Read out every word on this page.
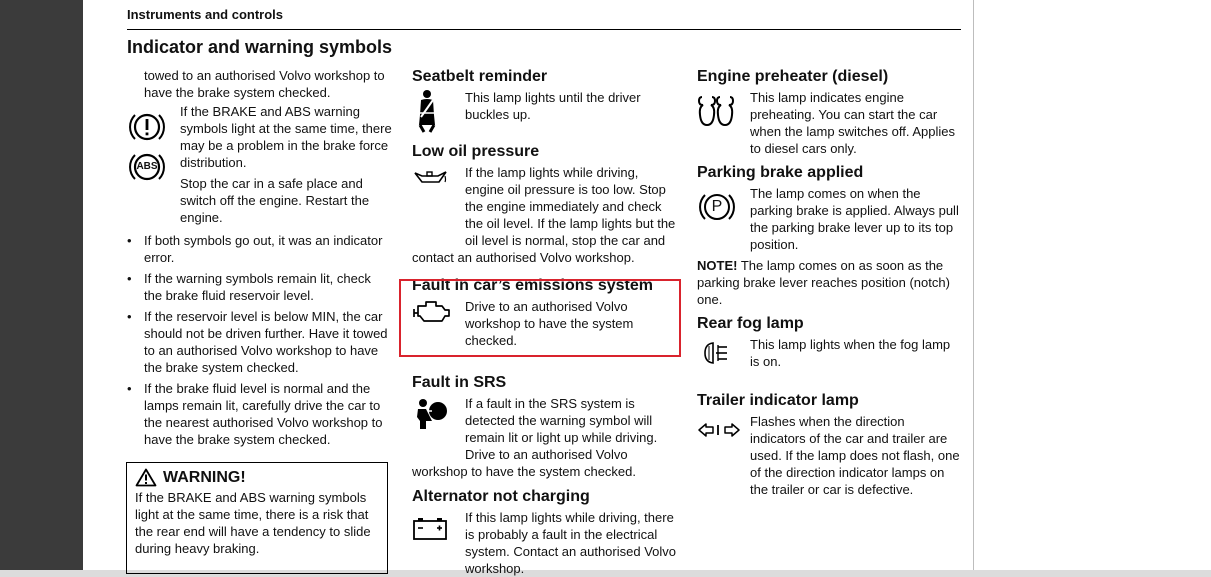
Instruments and controls
Indicator and warning symbols

towed to an authorised Volvo workshop to have the brake system checked.

ABS

If the BRAKE and ABS warning symbols light at the same time, there may be a problem in the brake force distribution.

Stop the car in a safe place and switch off the engine. Restart the engine.

• If both symbols go out, it was an indicator error.
• If the warning symbols remain lit, check the brake fluid reservoir level.
• If the reservoir level is below MIN, the car should not be driven further. Have it towed to an authorised Volvo workshop to have the brake system checked.
• If the brake fluid level is normal and the lamps remain lit, carefully drive the car to the nearest authorised Volvo workshop to have the brake system checked.
WARNING!

If the BRAKE and ABS warning symbols light at the same time, there is a risk that the rear end will have a tendency to slide during heavy braking.

Seatbelt reminder
This lamp lights until the driver buckles up.
Low oil pressure
If the lamp lights while driving, engine oil pressure is too low. Stop the engine immediately and check the oil level. If the lamp lights but the oil level is normal, stop the car and contact an authorised Volvo workshop.
Fault in car’s emissions system
Drive to an authorised Volvo workshop to have the system checked.
Fault in SRS
If a fault in the SRS system is detected the warning symbol will remain lit or light up while driving. Drive to an authorised Volvo workshop to have the system checked.
Alternator not charging
If this lamp lights while driving, there is probably a fault in the electrical system. Contact an authorised Volvo workshop.
Engine preheater (diesel)
This lamp indicates engine preheating. You can start the car when the lamp switches off. Applies to diesel cars only.
Parking brake applied
P
The lamp comes on when the parking brake is applied. Always pull the parking brake lever up to its top position.

NOTE! The lamp comes on as soon as the parking brake lever reaches position (notch) one.

Rear fog lamp
This lamp lights when the fog lamp is on.
Trailer indicator lamp
Flashes when the direction indicators of the car and trailer are used. If the lamp does not flash, one of the direction indicator lamps on the trailer or car is defective.
